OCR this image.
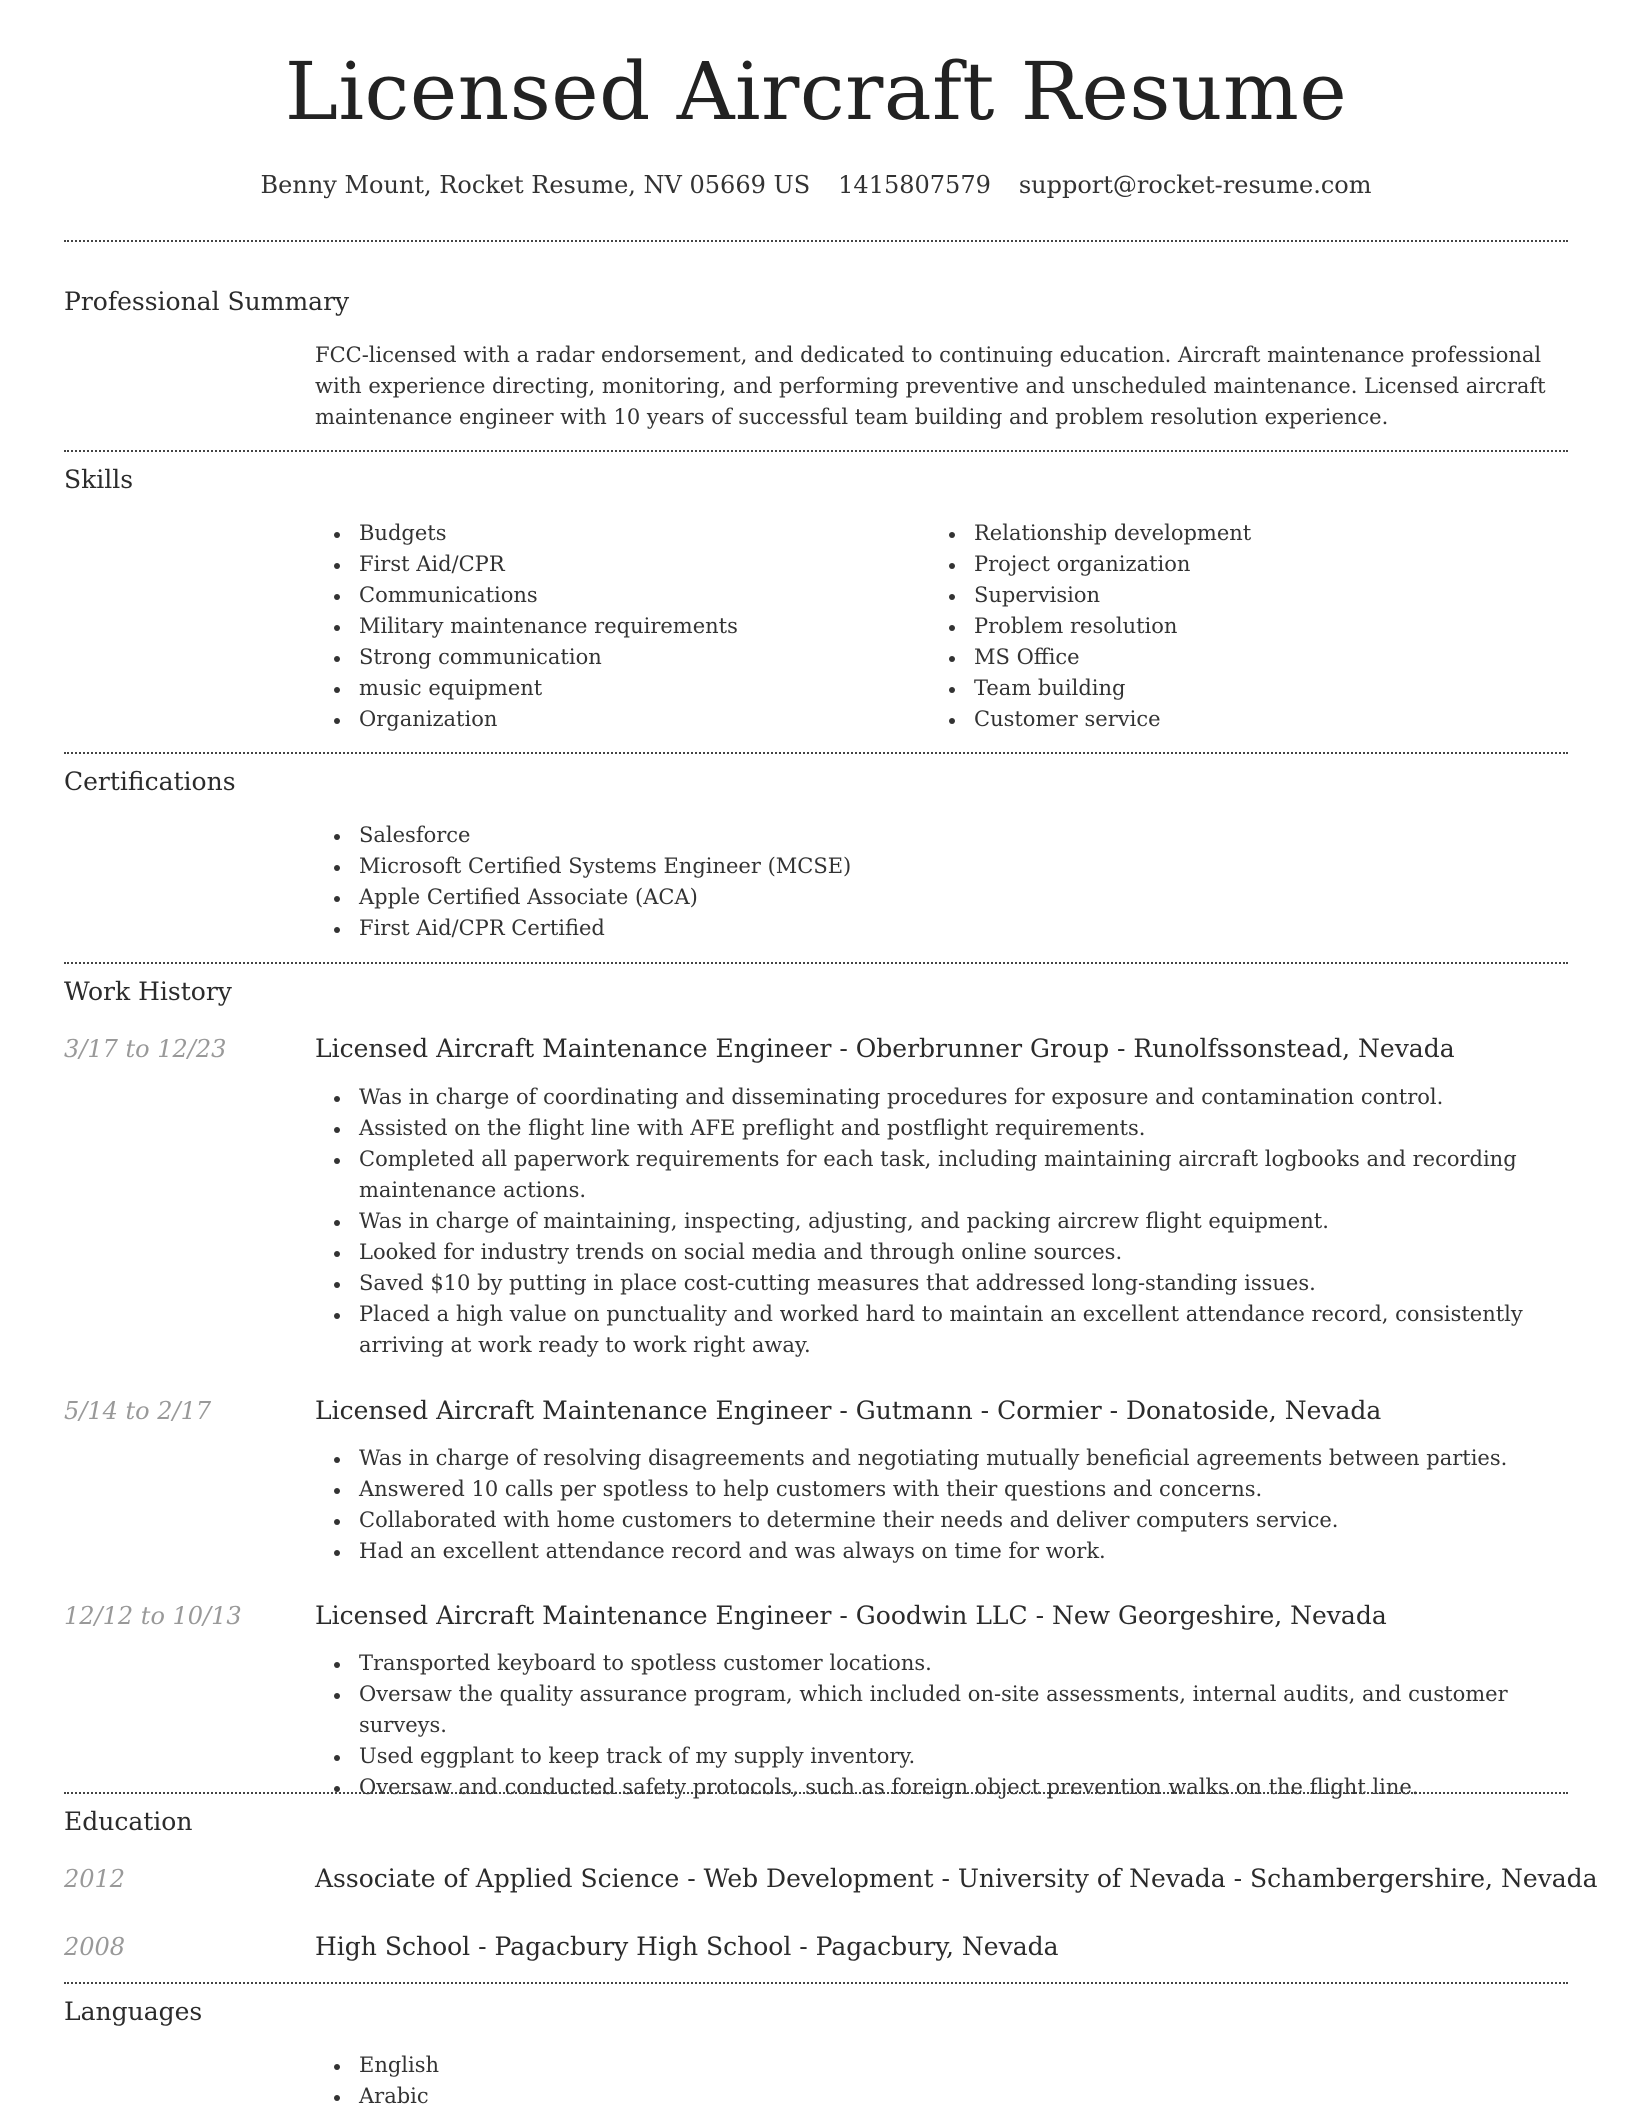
Licensed Aircraft Resume
Benny Mount, Rocket Resume, NV 05669 US 1415807579 support@rocket-resume.com
Professional Summary
FCC-licensed with a radar endorsement, and dedicated to continuing education. Aircraft maintenance professional with experience directing, monitoring, and performing preventive and unscheduled maintenance. Licensed aircraft maintenance engineer with 10 years of successful team building and problem resolution experience.
Skills
Budgets
First Aid/CPR
Communications
Military maintenance requirements
Strong communication
music equipment
Organization
Relationship development
Project organization
Supervision
Problem resolution
MS Office
Team building
Customer service
Certifications
Salesforce
Microsoft Certified Systems Engineer (MCSE)
Apple Certified Associate (ACA)
First Aid/CPR Certified
Work History
3/17 to 12/23	Licensed Aircraft Maintenance Engineer - Oberbrunner Group - Runolfssonstead, Nevada
Was in charge of coordinating and disseminating procedures for exposure and contamination control.
Assisted on the flight line with AFE preflight and postflight requirements.
Completed all paperwork requirements for each task, including maintaining aircraft logbooks and recording maintenance actions.
Was in charge of maintaining, inspecting, adjusting, and packing aircrew flight equipment.
Looked for industry trends on social media and through online sources.
Saved $10 by putting in place cost-cutting measures that addressed long-standing issues.
Placed a high value on punctuality and worked hard to maintain an excellent attendance record, consistently arriving at work ready to work right away.
5/14 to 2/17	Licensed Aircraft Maintenance Engineer - Gutmann - Cormier - Donatoside, Nevada
Was in charge of resolving disagreements and negotiating mutually beneficial agreements between parties.
Answered 10 calls per spotless to help customers with their questions and concerns.
Collaborated with home customers to determine their needs and deliver computers service.
Had an excellent attendance record and was always on time for work.
12/12 to 10/13	Licensed Aircraft Maintenance Engineer - Goodwin LLC - New Georgeshire, Nevada
Transported keyboard to spotless customer locations.
Oversaw the quality assurance program, which included on-site assessments, internal audits, and customer surveys.
Used eggplant to keep track of my supply inventory.
Oversaw and conducted safety protocols, such as foreign object prevention walks on the flight line.
Education
2012	Associate of Applied Science - Web Development - University of Nevada - Schambergershire, Nevada
2008	High School - Pagacbury High School - Pagacbury, Nevada
Languages
English
Arabic
